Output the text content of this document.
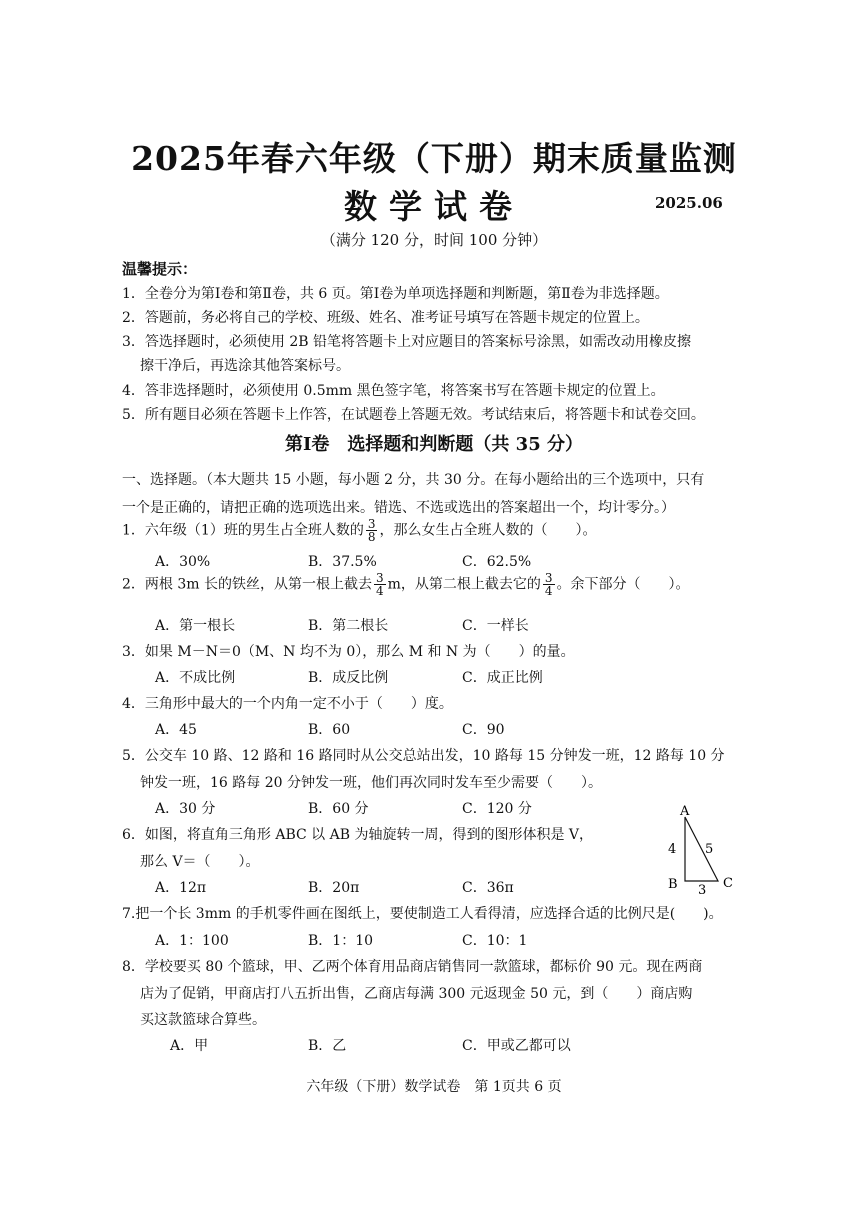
2025年春六年级（下册）期末质量监测
数学试卷	2025.06
（满分 120 分，时间 100 分钟）
温馨提示：
1．全卷分为第Ⅰ卷和第Ⅱ卷，共 6 页。第Ⅰ卷为单项选择题和判断题，第Ⅱ卷为非选择题。
2．答题前，务必将自己的学校、班级、姓名、准考证号填写在答题卡规定的位置上。
3．答选择题时，必须使用 2B 铅笔将答题卡上对应题目的答案标号涂黑，如需改动用橡皮擦
擦干净后，再选涂其他答案标号。
4．答非选择题时，必须使用 0.5mm 黑色签字笔，将答案书写在答题卡规定的位置上。
5．所有题目必须在答题卡上作答，在试题卷上答题无效。考试结束后，将答题卡和试卷交回。
第Ⅰ卷　选择题和判断题（共 35 分）
一、选择题。（本大题共 15 小题，每小题 2 分，共 30 分。在每小题给出的三个选项中，只有
一个是正确的，请把正确的选项选出来。错选、不选或选出的答案超出一个，均计零分。）
1．六年级（1）班的男生占全班人数的 $\frac{3}{8}$ ，那么女生占全班人数的（　　）。
A．30%	B．37.5%	C．62.5%
2．两根 3m 长的铁丝，从第一根上截去 $\frac{3}{4}$ m，从第二根上截去它的 $\frac{3}{4}$ 。余下部分（　　）。
A．第一根长	B．第二根长	C．一样长
3．如果 M－N＝0（M、N 均不为 0），那么 M 和 N 为（　　）的量。
A．不成比例	B．成反比例	C．成正比例
4．三角形中最大的一个内角一定不小于（　　）度。
A．45	B．60	C．90
5．公交车 10 路、12 路和 16 路同时从公交总站出发，10 路每 15 分钟发一班，12 路每 10 分
钟发一班，16 路每 20 分钟发一班，他们再次同时发车至少需要（　　）。
A．30 分	B．60 分	C．120 分
6．如图，将直角三角形 ABC 以 AB 为轴旋转一周，得到的图形体积是 V，
那么 V＝（　　）。
A．12π	B．20π	C．36π
A
B	C
4 5
3
7.把一个长 3mm 的手机零件画在图纸上，要使制造工人看得清，应选择合适的比例尺是(　　)。
A．1：100	B．1：10	C．10：1
8．学校要买 80 个篮球，甲、乙两个体育用品商店销售同一款篮球，都标价 90 元。现在两商
店为了促销，甲商店打八五折出售，乙商店每满 300 元返现金 50 元，到（　　）商店购
买这款篮球合算些。
A．甲	B．乙	C．甲或乙都可以
六年级（下册）数学试卷　第 1页共 6 页
